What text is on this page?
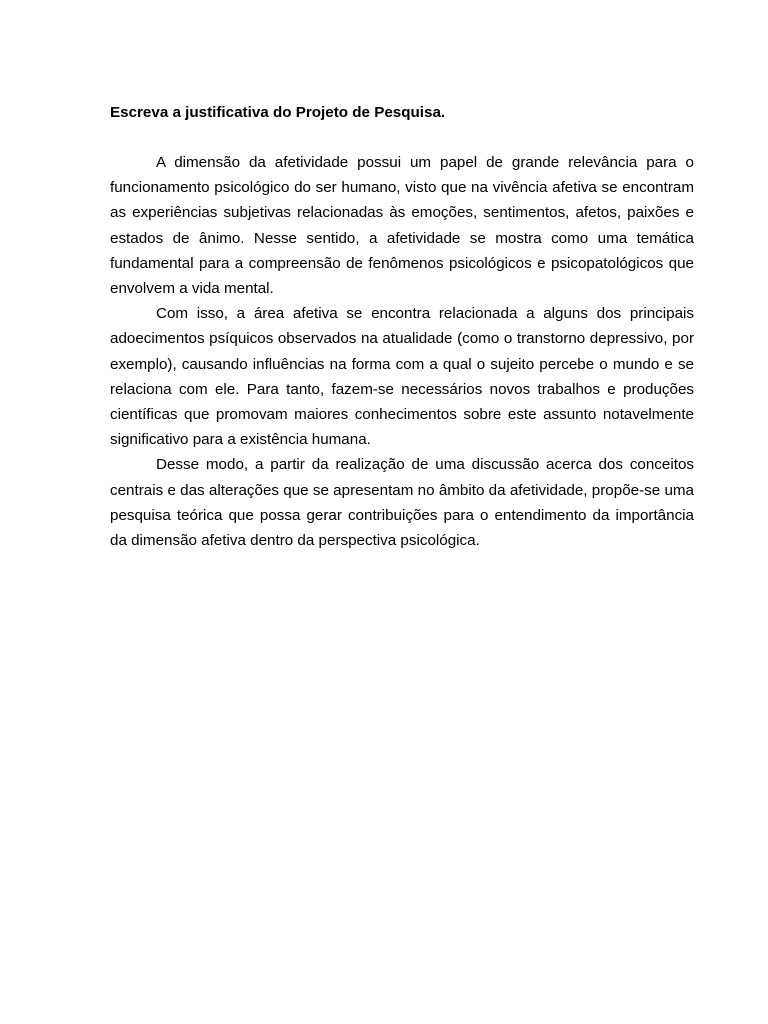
Escreva a justificativa do Projeto de Pesquisa.

A dimensão da afetividade possui um papel de grande relevância para o funcionamento psicológico do ser humano, visto que na vivência afetiva se encontram as experiências subjetivas relacionadas às emoções, sentimentos, afetos, paixões e estados de ânimo. Nesse sentido, a afetividade se mostra como uma temática fundamental para a compreensão de fenômenos psicológicos e psicopatológicos que envolvem a vida mental.

Com isso, a área afetiva se encontra relacionada a alguns dos principais adoecimentos psíquicos observados na atualidade (como o transtorno depressivo, por exemplo), causando influências na forma com a qual o sujeito percebe o mundo e se relaciona com ele. Para tanto, fazem-se necessários novos trabalhos e produções científicas que promovam maiores conhecimentos sobre este assunto notavelmente significativo para a existência humana.

Desse modo, a partir da realização de uma discussão acerca dos conceitos centrais e das alterações que se apresentam no âmbito da afetividade, propõe-se uma pesquisa teórica que possa gerar contribuições para o entendimento da importância da dimensão afetiva dentro da perspectiva psicológica.
